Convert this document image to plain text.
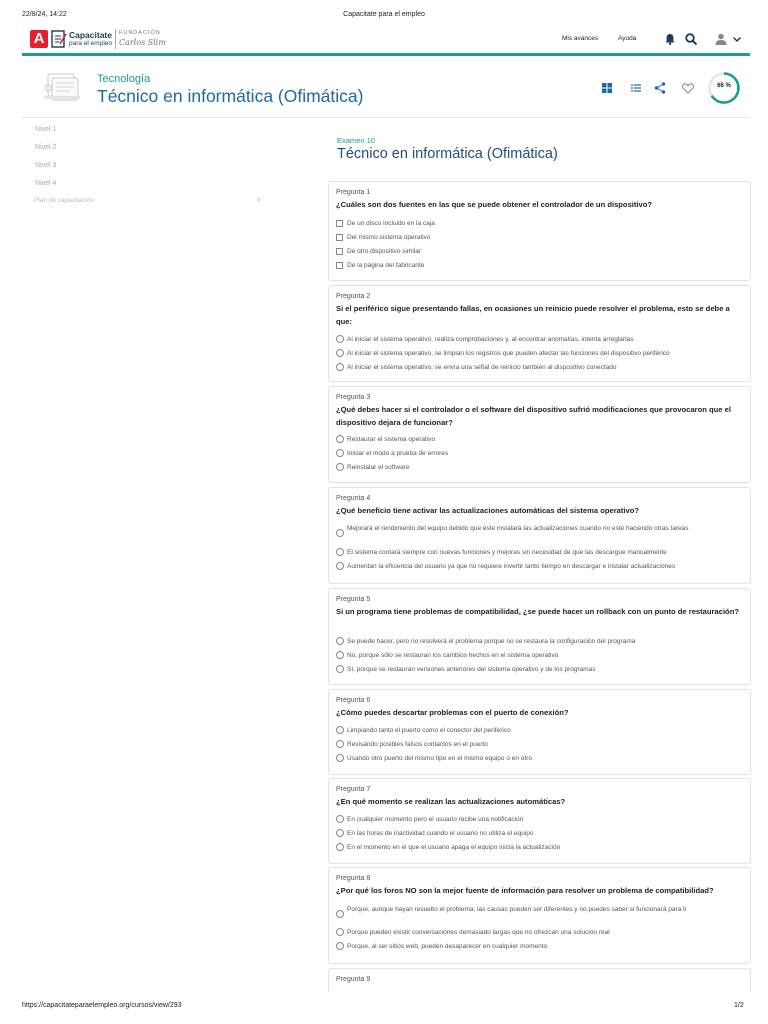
22/8/24, 14:22	Capacitate para el empleo
A	Capacitate
para el empleo
FUNDACIÓN
Carlos Slim	Mis avances	Ayuda
Tecnología
Técnico en informática (Ofimática)	66 %
Nivel 1
Nivel 2
Nivel 3
Nivel 4
Plan de capacitación	›
Examen 10
Técnico en informática (Ofimática)
Pregunta 1
¿Cuáles son dos fuentes en las que se puede obtener el controlador de un dispositivo?
De un disco incluido en la caja
Del mismo sistema operativo
De otro dispositivo similar
De la página del fabricante
Pregunta 2
Si el periférico sigue presentando fallas, en ocasiones un reinicio puede resolver el problema, esto se debe a que:
Al iniciar el sistema operativo, realiza comprobaciones y, al encontrar anomalías, intenta arreglarlas
Al iniciar el sistema operativo, se limpian los registros que pueden afectar las funciones del dispositivo periférico
Al iniciar el sistema operativo, se envía una señal de reinicio también al dispositivo conectado
Pregunta 3
¿Qué debes hacer si el controlador o el software del dispositivo sufrió modificaciones que provocaron que el dispositivo dejara de funcionar?
Restaurar el sistema operativo
Iniciar el modo a prueba de errores
Reinstalar el software
Pregunta 4
¿Qué beneficio tiene activar las actualizaciones automáticas del sistema operativo?
Mejorará el rendimiento del equipo debido que éste instalará las actualizaciones cuando no esté haciendo otras tareas
El sistema contará siempre con nuevas funciones y mejoras sin necesidad de que las descargue manualmente
Aumentan la eficiencia del usuario ya que no requiere invertir tanto tiempo en descargar e instalar actualizaciones
Pregunta 5
Si un programa tiene problemas de compatibilidad, ¿se puede hacer un rollback con un punto de restauración?
Se puede hacer, pero no resolverá el problema porque no se restaura la configuración del programa
No, porque sólo se restauran los cambios hechos en el sistema operativo
Sí, porque se restauran versiones anteriores del sistema operativo y de los programas
Pregunta 6
¿Cómo puedes descartar problemas con el puerto de conexión?
Limpiando tanto el puerto como el conector del periférico
Revisando posibles falsos contactos en el puerto
Usando otro puerto del mismo tipo en el mismo equipo o en otro
Pregunta 7
¿En qué momento se realizan las actualizaciones automáticas?
En cualquier momento pero el usuario recibe una notificación
En las horas de inactividad cuando el usuario no utiliza el equipo
En el momento en el que el usuario apaga el equipo inicia la actualización
Pregunta 8
¿Por qué los foros NO son la mejor fuente de información para resolver un problema de compatibilidad?
Porque, aunque hayan resuelto el problema, las causas pueden ser diferentes y no puedes saber si funcionará para ti
Porque pueden existir conversaciones demasiado largas que no ofrezcan una solución real
Porque, al ser sitios web, pueden desaparecer en cualquier momento
Pregunta 9
https://capacitateparaelempleo.org/cursos/view/293	1/2
